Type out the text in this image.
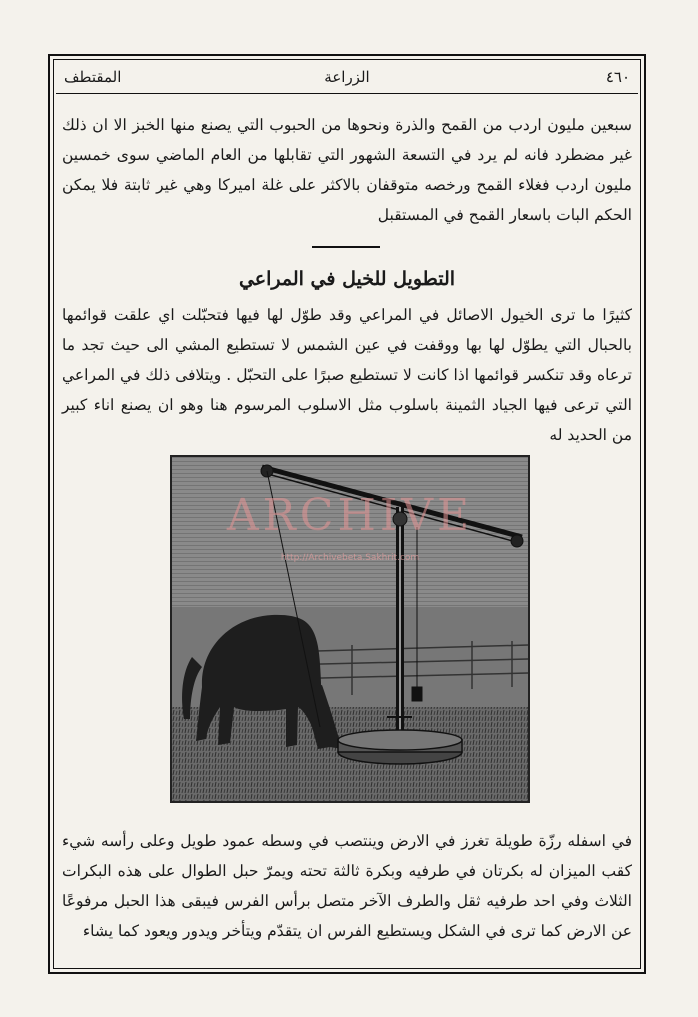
٤٦٠
الزراعة
المقتطف
سبعين مليون اردب من القمح والذرة ونحوها من الحبوب التي يصنع منها الخبز الا ان ذلك غير مضطرد فانه لم يرد في التسعة الشهور التي تقابلها من العام الماضي سوى خمسين مليون اردب فغلاء القمح ورخصه متوقفان بالاكثر على غلة اميركا وهي غير ثابتة فلا يمكن الحكم البات باسعار القمح في المستقبل
التطويل للخيل في المراعي
كثيرًا ما ترى الخيول الاصائل في المراعي وقد طوّل لها فيها فتحبّلت اي علقت قوائمها بالحبال التي يطوّل لها بها ووقفت في عين الشمس لا تستطيع المشي الى حيث تجد ما ترعاه وقد تنكسر قوائمها اذا كانت لا تستطيع صبرًا على التحبّل . ويتلافى ذلك في المراعي التي ترعى فيها الجياد الثمينة باسلوب مثل الاسلوب المرسوم هنا وهو ان يصنع اناء كبير من الحديد له
ARCHIVE
http://Archivebeta.Sakhrit.com
في اسفله رزّة طويلة تغرز في الارض وينتصب في وسطه عمود طويل وعلى رأسه شيء كقب الميزان له بكرتان في طرفيه وبكرة ثالثة تحته ويمرّ حبل الطوال على هذه البكرات الثلاث وفي احد طرفيه ثقل والطرف الآخر متصل برأس الفرس فيبقى هذا الحبل مرفوعًا عن الارض كما ترى في الشكل ويستطيع الفرس ان يتقدّم ويتأخر ويدور ويعود كما يشاء
